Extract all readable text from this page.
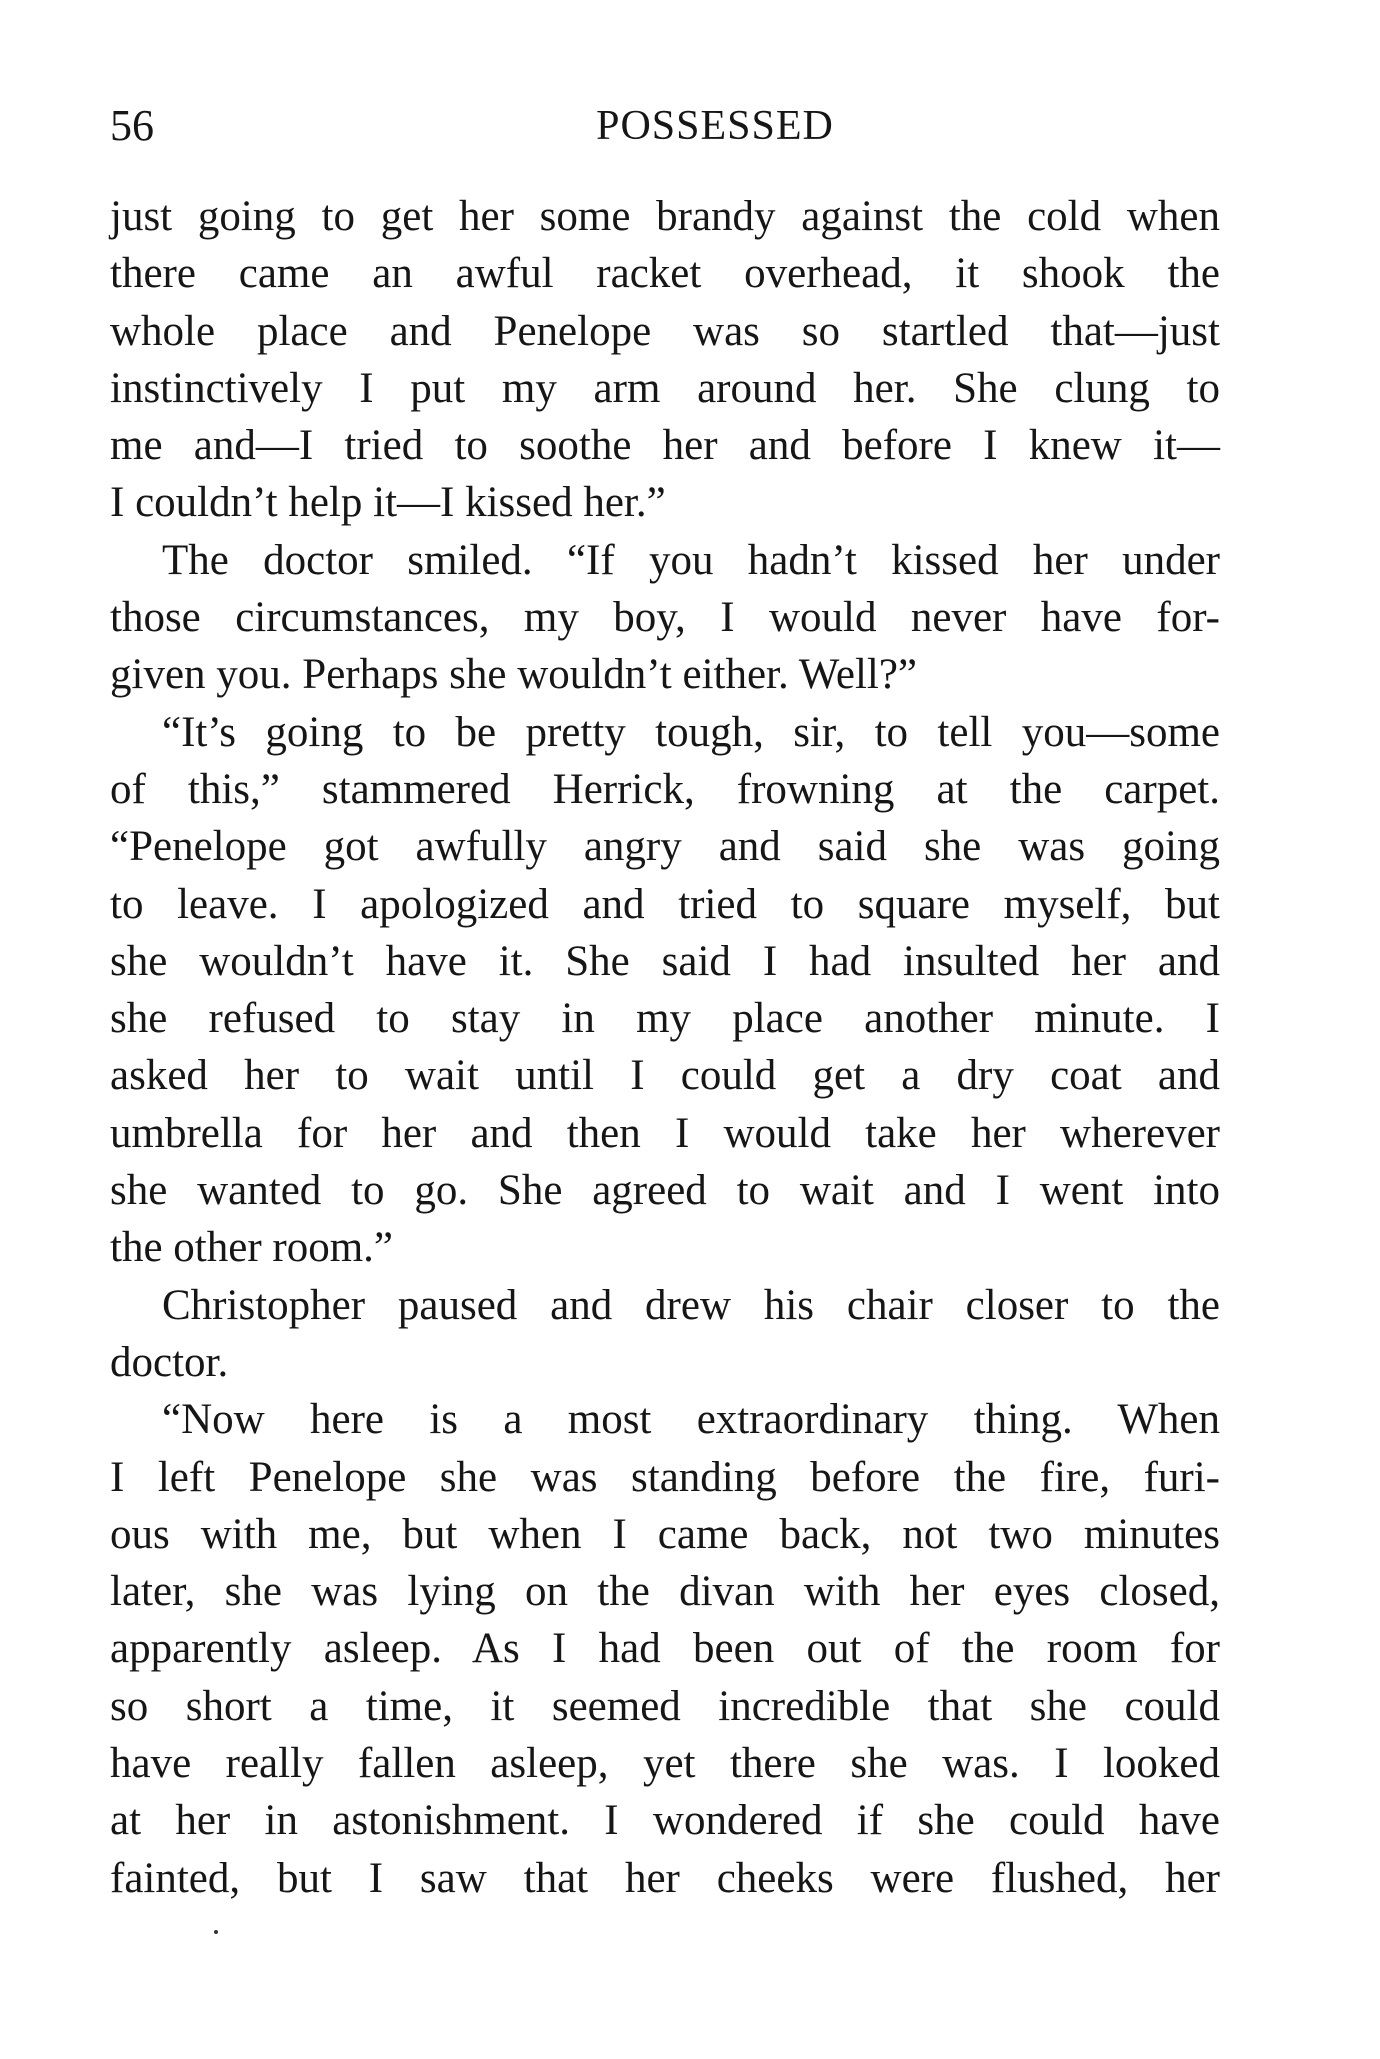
56	POSSESSED
just going to get her some brandy against the cold when
there came an awful racket overhead, it shook the
whole place and Penelope was so startled that—just
instinctively I put my arm around her. She clung to
me and—I tried to soothe her and before I knew it—
I couldn’t help it—I kissed her.”
The doctor smiled. “If you hadn’t kissed her under
those circumstances, my boy, I would never have for-
given you. Perhaps she wouldn’t either. Well?”
“It’s going to be pretty tough, sir, to tell you—some
of this,” stammered Herrick, frowning at the carpet.
“Penelope got awfully angry and said she was going
to leave. I apologized and tried to square myself, but
she wouldn’t have it. She said I had insulted her and
she refused to stay in my place another minute. I
asked her to wait until I could get a dry coat and
umbrella for her and then I would take her wherever
she wanted to go. She agreed to wait and I went into
the other room.”
Christopher paused and drew his chair closer to the
doctor.
“Now here is a most extraordinary thing. When
I left Penelope she was standing before the fire, furi-
ous with me, but when I came back, not two minutes
later, she was lying on the divan with her eyes closed,
apparently asleep. As I had been out of the room for
so short a time, it seemed incredible that she could
have really fallen asleep, yet there she was. I looked
at her in astonishment. I wondered if she could have
fainted, but I saw that her cheeks were flushed, her
